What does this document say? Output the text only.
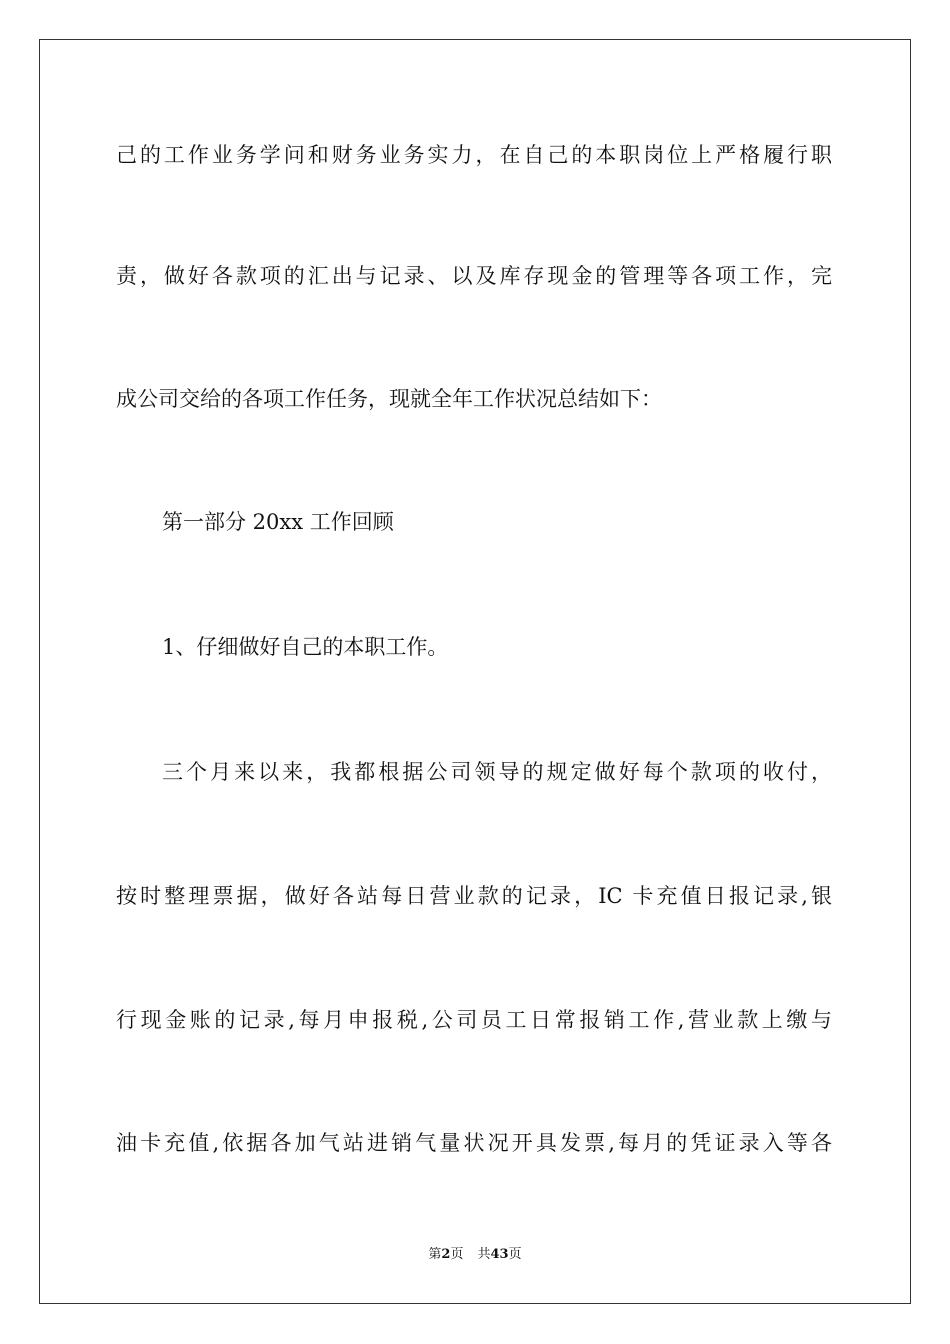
己的工作业务学问和财务业务实力，在自己的本职岗位上严格履行职
责，做好各款项的汇出与记录、以及库存现金的管理等各项工作，完
成公司交给的各项工作任务，现就全年工作状况总结如下：
第一部分 20xx 工作回顾
1、仔细做好自己的本职工作。
三个月来以来，我都根据公司领导的规定做好每个款项的收付，
按时整理票据，做好各站每日营业款的记录，IC 卡充值日报记录,银
行现金账的记录,每月申报税,公司员工日常报销工作,营业款上缴与
油卡充值,依据各加气站进销气量状况开具发票,每月的凭证录入等各
第2页 共43页
